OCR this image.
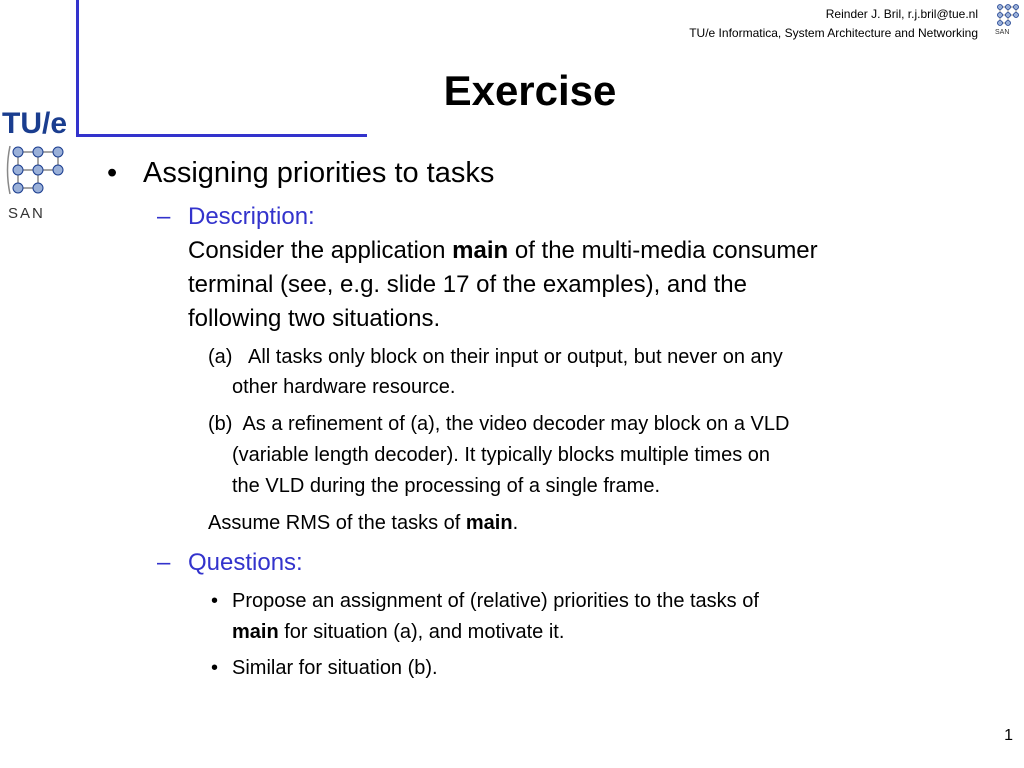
TU/e
SAN
SAN
Reinder J. Bril, r.j.bril@tue.nl
TU/e Informatica, System Architecture and Networking
Exercise
• Assigning priorities to tasks
– Description:
Consider the application main of the multi-media consumer
terminal (see, e.g. slide 17 of the examples), and the
following two situations.
(a)   All tasks only block on their input or output, but never on any
other hardware resource.
(b)  As a refinement of (a), the video decoder may block on a VLD
(variable length decoder). It typically blocks multiple times on
the VLD during the processing of a single frame.
Assume RMS of the tasks of main.
– Questions:
• Propose an assignment of (relative) priorities to the tasks of
main for situation (a), and motivate it.
• Similar for situation (b).
1
